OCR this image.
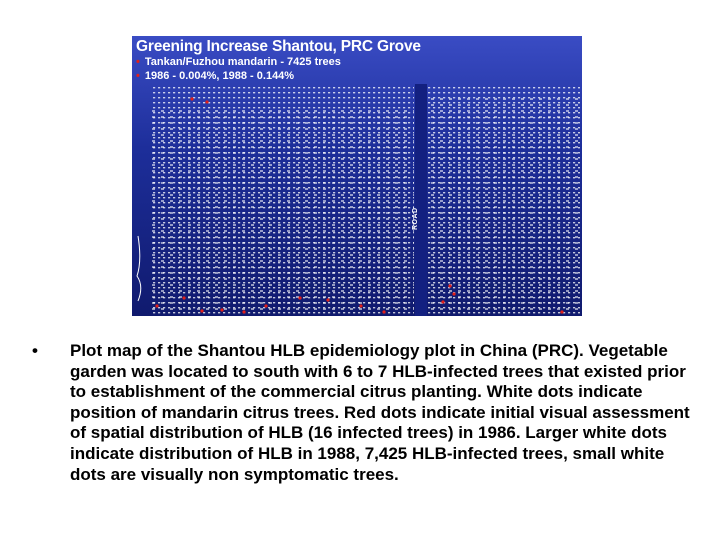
Greening Increase Shantou, PRC Grove
• Tankan/Fuzhou mandarin - 7425 trees
• 1986 - 0.004%, 1988 - 0.144%
ROAD

• Plot map of the Shantou HLB epidemiology plot in China (PRC). Vegetable garden was located to south with 6 to 7 HLB-infected trees that existed prior to establishment of the commercial citrus planting. White dots indicate position of mandarin citrus trees. Red dots indicate initial visual assessment of spatial distribution of HLB (16 infected trees) in 1986. Larger white dots indicate distribution of HLB in 1988, 7,425 HLB-infected trees, small white dots are visually non symptomatic trees.
